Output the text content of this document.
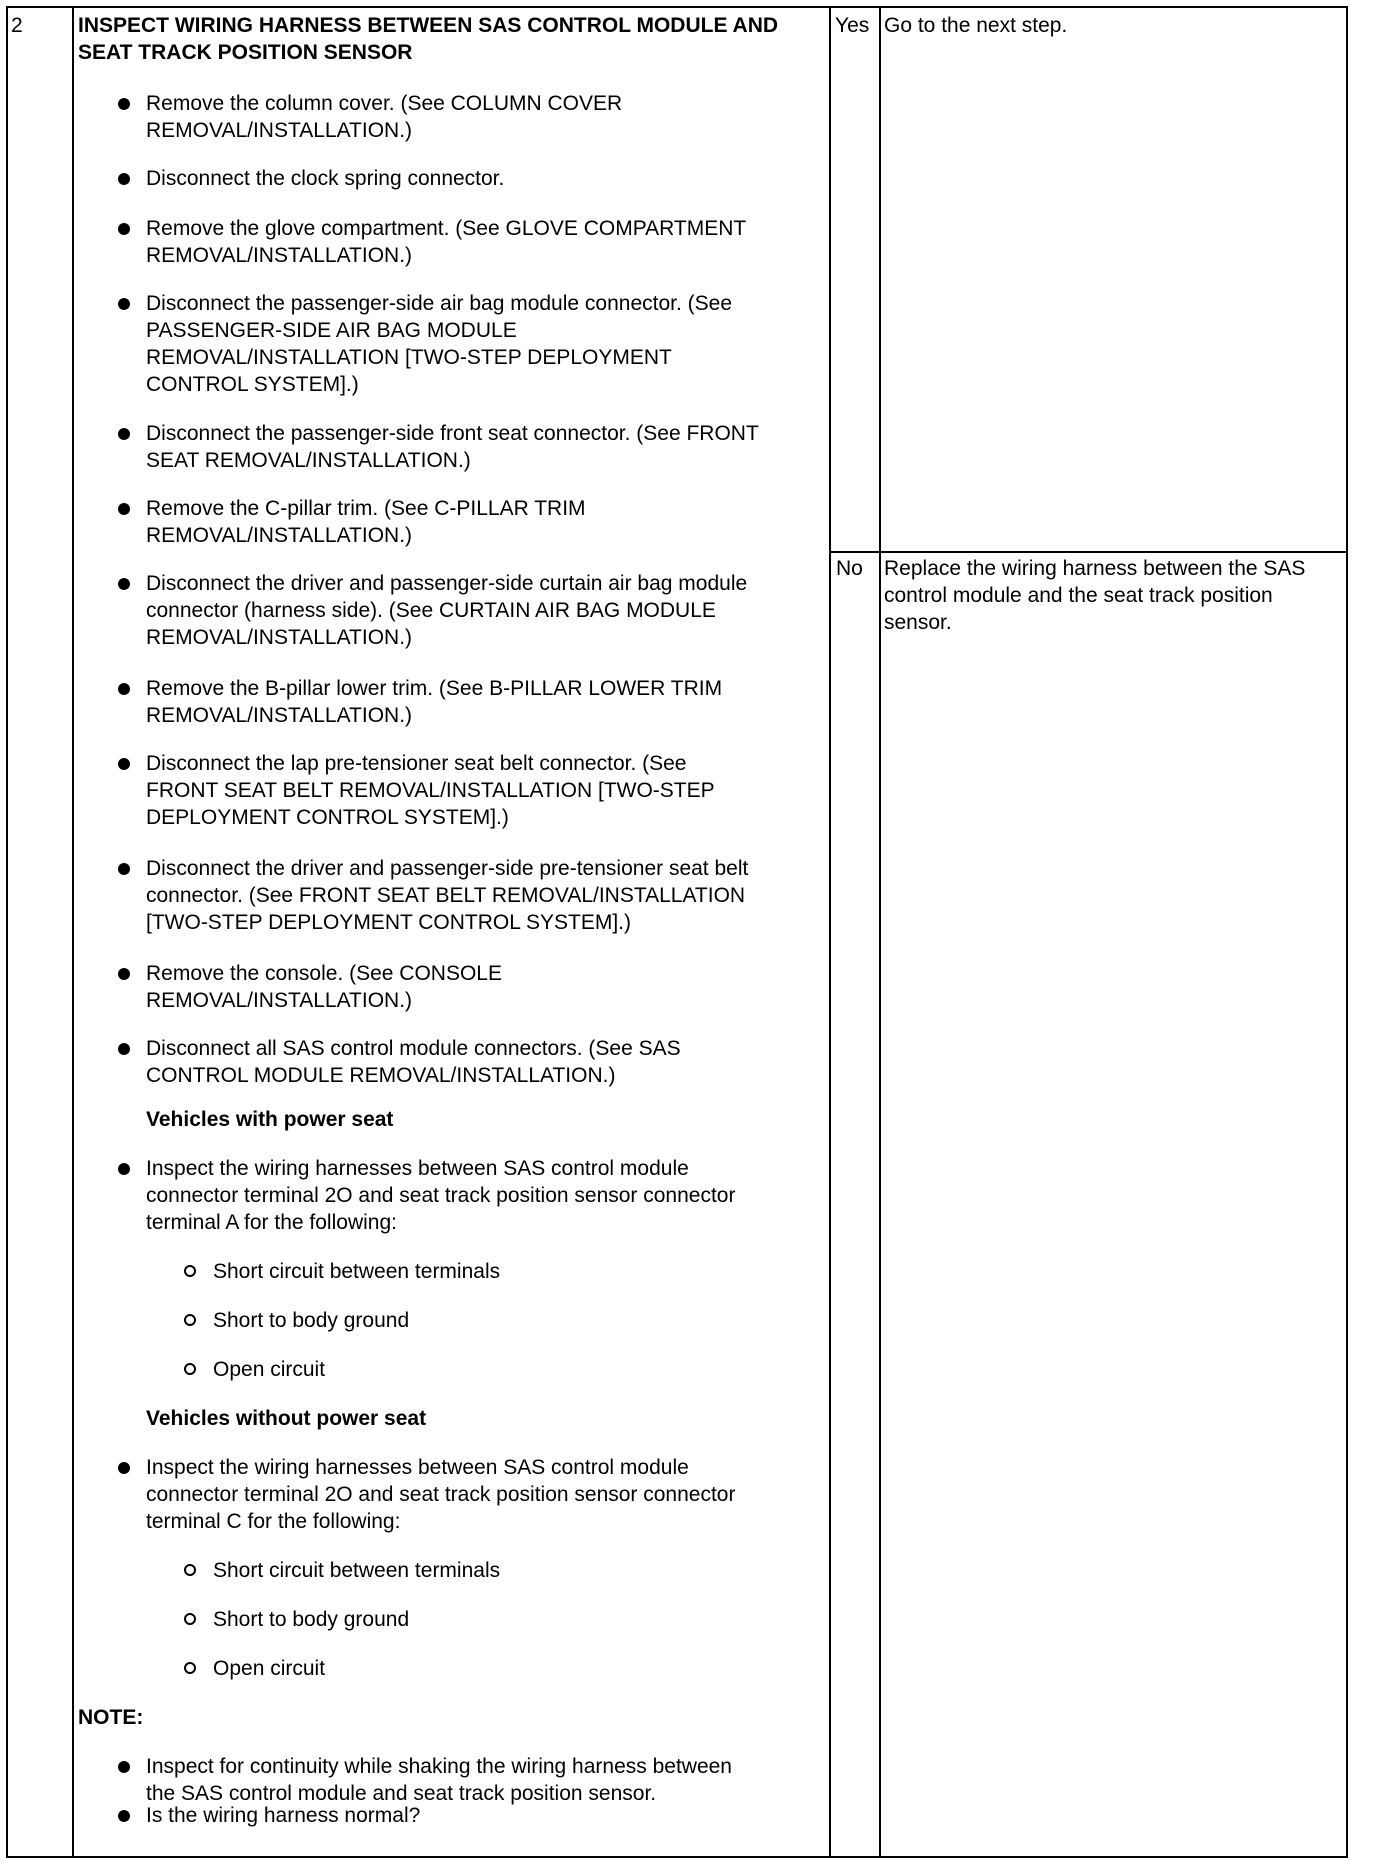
2	INSPECT WIRING HARNESS BETWEEN SAS CONTROL MODULE AND
SEAT TRACK POSITION SENSOR
Yes Go to the next step.
No Replace the wiring harness between the SAS
control module and the seat track position
sensor.
Remove the column cover. (See COLUMN COVER
REMOVAL/INSTALLATION.)
Disconnect the clock spring connector.
Remove the glove compartment. (See GLOVE COMPARTMENT
REMOVAL/INSTALLATION.)
Disconnect the passenger-side air bag module connector. (See
PASSENGER-SIDE AIR BAG MODULE
REMOVAL/INSTALLATION [TWO-STEP DEPLOYMENT
CONTROL SYSTEM].)
Disconnect the passenger-side front seat connector. (See FRONT
SEAT REMOVAL/INSTALLATION.)
Remove the C-pillar trim. (See C-PILLAR TRIM
REMOVAL/INSTALLATION.)
Disconnect the driver and passenger-side curtain air bag module
connector (harness side). (See CURTAIN AIR BAG MODULE
REMOVAL/INSTALLATION.)
Remove the B-pillar lower trim. (See B-PILLAR LOWER TRIM
REMOVAL/INSTALLATION.)
Disconnect the lap pre-tensioner seat belt connector. (See
FRONT SEAT BELT REMOVAL/INSTALLATION [TWO-STEP
DEPLOYMENT CONTROL SYSTEM].)
Disconnect the driver and passenger-side pre-tensioner seat belt
connector. (See FRONT SEAT BELT REMOVAL/INSTALLATION
[TWO-STEP DEPLOYMENT CONTROL SYSTEM].)
Remove the console. (See CONSOLE
REMOVAL/INSTALLATION.)
Disconnect all SAS control module connectors. (See SAS
CONTROL MODULE REMOVAL/INSTALLATION.)
Vehicles with power seat
Inspect the wiring harnesses between SAS control module
connector terminal 2O and seat track position sensor connector
terminal A for the following:
Short circuit between terminals
Short to body ground
Open circuit
Vehicles without power seat
Inspect the wiring harnesses between SAS control module
connector terminal 2O and seat track position sensor connector
terminal C for the following:
Short circuit between terminals
Short to body ground
Open circuit
NOTE:
Inspect for continuity while shaking the wiring harness between
the SAS control module and seat track position sensor.
Is the wiring harness normal?
